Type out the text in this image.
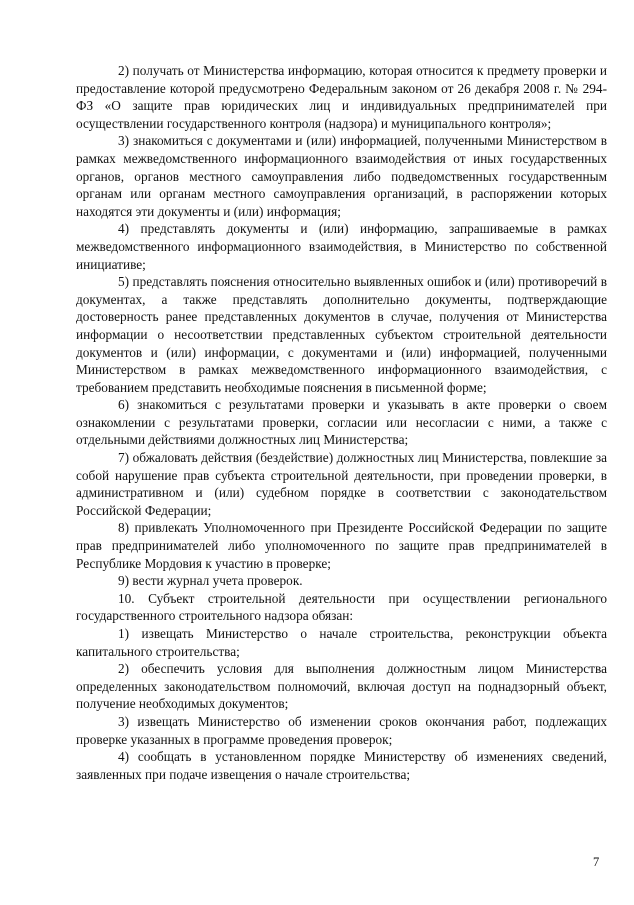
2) получать от Министерства информацию, которая относится к предмету проверки и предоставление которой предусмотрено Федеральным законом от 26 декабря 2008 г. № 294-ФЗ «О защите прав юридических лиц и индивидуальных предпринимателей при осуществлении государственного контроля (надзора) и муниципального контроля»;

3) знакомиться с документами и (или) информацией, полученными Министерством в рамках межведомственного информационного взаимодействия от иных государственных органов, органов местного самоуправления либо подведомственных государственным органам или органам местного самоуправления организаций, в распоряжении которых находятся эти документы и (или) информация;

4) представлять документы и (или) информацию, запрашиваемые в рамках межведомственного информационного взаимодействия, в Министерство по собственной инициативе;

5) представлять пояснения относительно выявленных ошибок и (или) противоречий в документах, а также представлять дополнительно документы, подтверждающие достоверность ранее представленных документов в случае, получения от Министерства информации о несоответствии представленных субъектом строительной деятельности документов и (или) информации, с документами и (или) информацией, полученными Министерством в рамках межведомственного информационного взаимодействия, с требованием представить необходимые пояснения в письменной форме;

6) знакомиться с результатами проверки и указывать в акте проверки о своем ознакомлении с результатами проверки, согласии или несогласии с ними, а также с отдельными действиями должностных лиц Министерства;

7) обжаловать действия (бездействие) должностных лиц Министерства, повлекшие за собой нарушение прав субъекта строительной деятельности, при проведении проверки, в административном и (или) судебном порядке в соответствии с законодательством Российской Федерации;

8) привлекать Уполномоченного при Президенте Российской Федерации по защите прав предпринимателей либо уполномоченного по защите прав предпринимателей в Республике Мордовия к участию в проверке;

9) вести журнал учета проверок.

10. Субъект строительной деятельности при осуществлении регионального государственного строительного надзора обязан:

1) извещать Министерство о начале строительства, реконструкции объекта капитального строительства;

2) обеспечить условия для выполнения должностным лицом Министерства определенных законодательством полномочий, включая доступ на поднадзорный объект, получение необходимых документов;

3) извещать Министерство об изменении сроков окончания работ, подлежащих проверке указанных в программе проведения проверок;

4) сообщать в установленном порядке Министерству об изменениях сведений, заявленных при подаче извещения о начале строительства;

7
